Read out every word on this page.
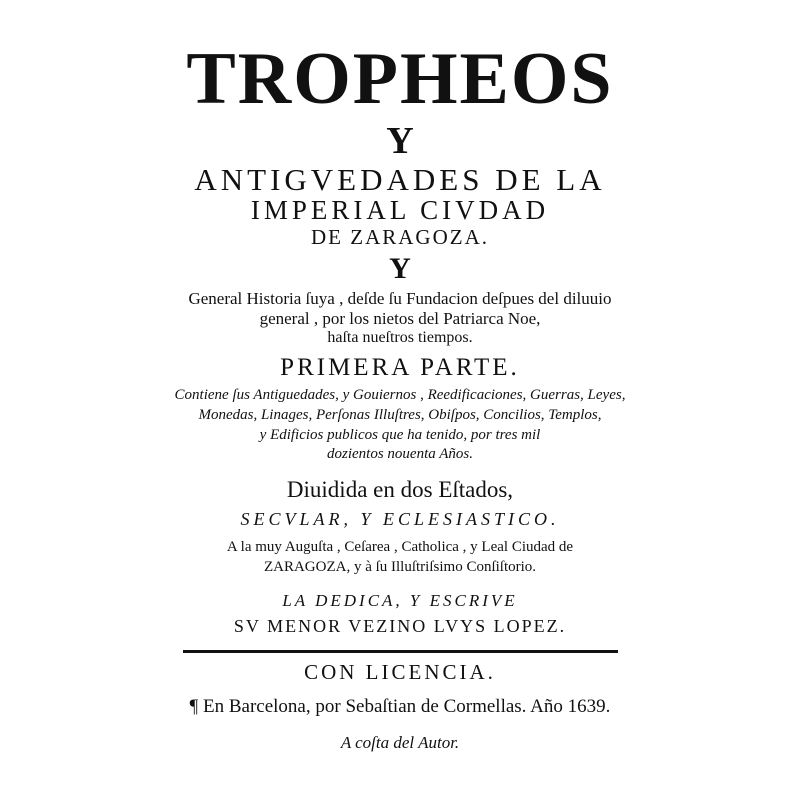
TROPHEOS
Y
ANTIGVEDADES DE LA
IMPERIAL CIVDAD
DE ZARAGOZA.
Y
General Historia ſuya , deſde ſu Fundacion deſpues del diluuio
general , por los nietos del Patriarca Noe,
haſta nueſtros tiempos.
PRIMERA PARTE.
Contiene ſus Antiguedades, y Gouiernos , Reedificaciones, Guerras, Leyes,
Monedas, Linages, Perſonas Illuſtres, Obiſpos, Concilios, Templos,
y Edificios publicos que ha tenido, por tres mil
dozientos nouenta Años.
Diuidida en dos Eſtados,
SECVLAR, Y ECLESIASTICO.
A la muy Auguſta , Ceſarea , Catholica , y Leal Ciudad de
ZARAGOZA, y à ſu Illuſtriſsimo Conſiſtorio.
LA DEDICA, Y ESCRIVE
SV MENOR VEZINO LVYS LOPEZ.
CON LICENCIA.
¶ En Barcelona, por Sebaſtian de Cormellas. Año 1639.
A coſta del Autor.
